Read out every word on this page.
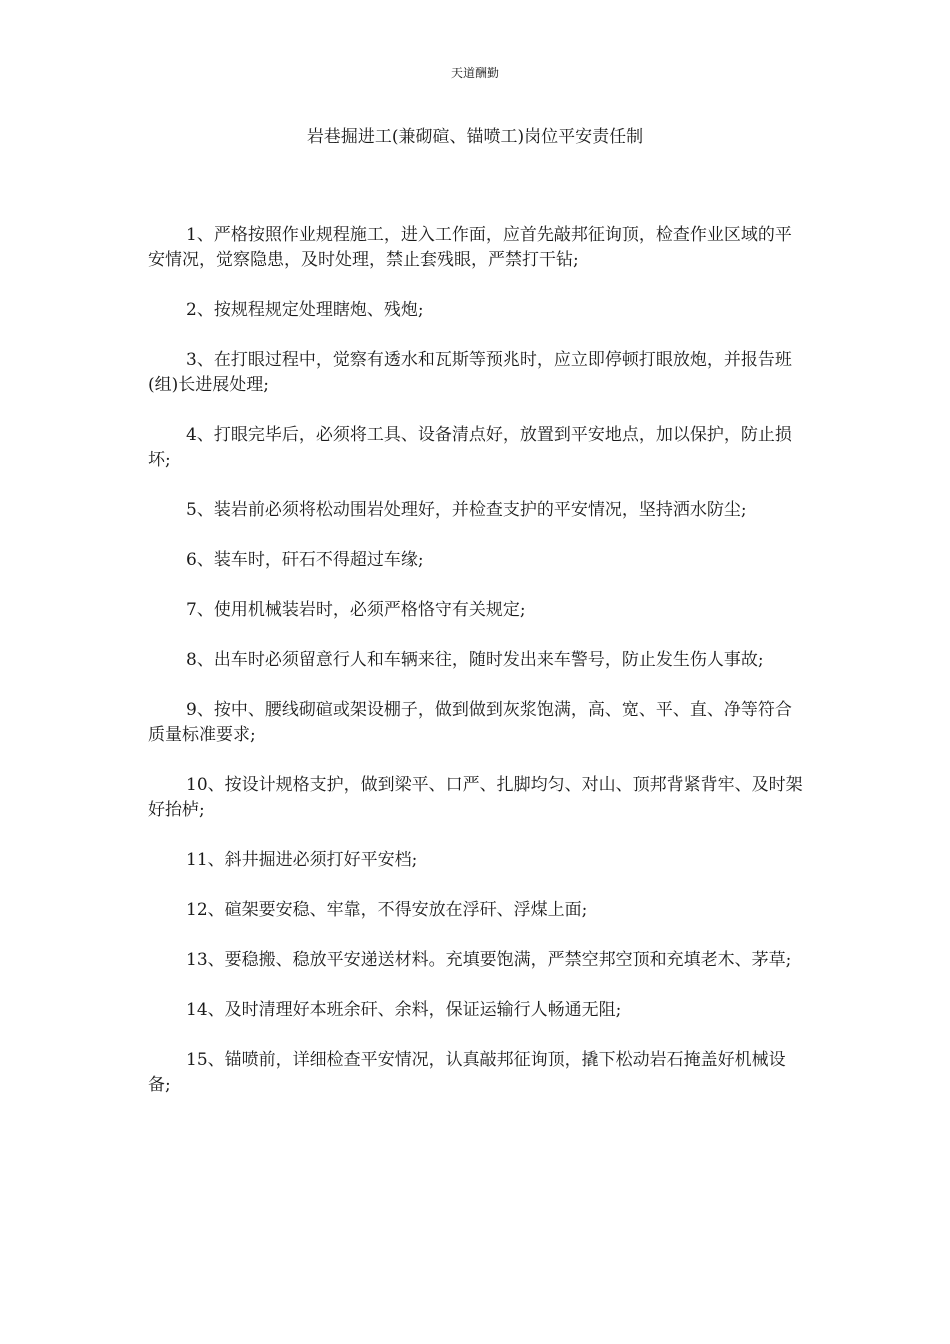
天道酬勤
岩巷掘进工(兼砌碹、锚喷工)岗位平安责任制

1、严格按照作业规程施工，进入工作面，应首先敲邦征询顶，检查作业区域的平安情况，觉察隐患，及时处理，禁止套残眼，严禁打干钻;

2、按规程规定处理瞎炮、残炮;

3、在打眼过程中，觉察有透水和瓦斯等预兆时，应立即停顿打眼放炮，并报告班(组)长进展处理;

4、打眼完毕后，必须将工具、设备清点好，放置到平安地点，加以保护，防止损坏;

5、装岩前必须将松动围岩处理好，并检查支护的平安情况，坚持洒水防尘;

6、装车时，矸石不得超过车缘;

7、使用机械装岩时，必须严格恪守有关规定;

8、出车时必须留意行人和车辆来往，随时发出来车警号，防止发生伤人事故;

9、按中、腰线砌碹或架设棚子，做到做到灰浆饱满，高、宽、平、直、净等符合质量标准要求;

10、按设计规格支护，做到梁平、口严、扎脚均匀、对山、顶邦背紧背牢、及时架好抬栌;

11、斜井掘进必须打好平安档;

12、碹架要安稳、牢靠，不得安放在浮矸、浮煤上面;

13、要稳搬、稳放平安递送材料。充填要饱满，严禁空邦空顶和充填老木、茅草;

14、及时清理好本班余矸、余料，保证运输行人畅通无阻;

15、锚喷前，详细检查平安情况，认真敲邦征询顶，撬下松动岩石掩盖好机械设备;
